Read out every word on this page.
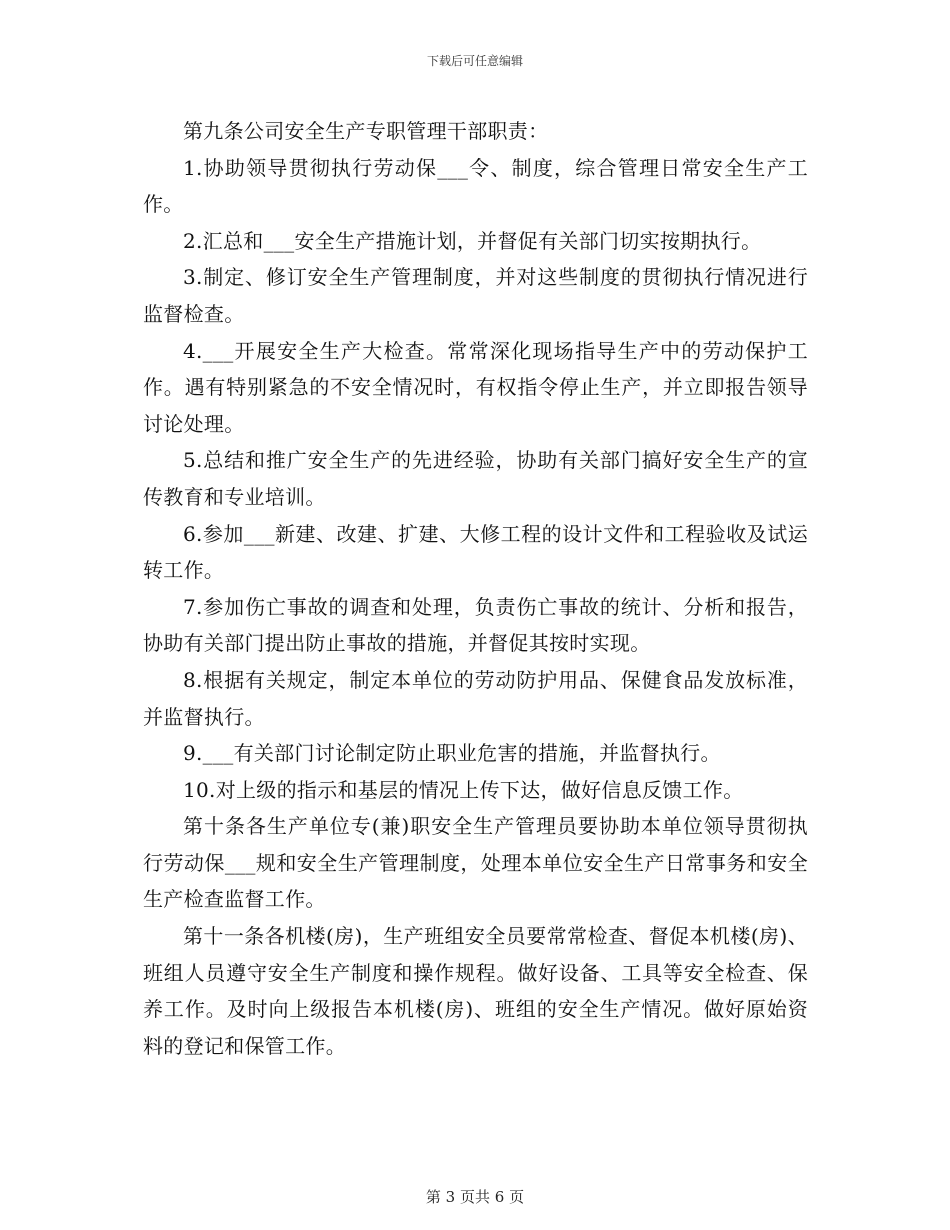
下载后可任意编辑

第九条公司安全生产专职管理干部职责：

1.协助领导贯彻执行劳动保___令、制度，综合管理日常安全生产工作。

2.汇总和___安全生产措施计划，并督促有关部门切实按期执行。

3.制定、修订安全生产管理制度，并对这些制度的贯彻执行情况进行监督检查。

4.___开展安全生产大检查。常常深化现场指导生产中的劳动保护工作。遇有特别紧急的不安全情况时，有权指令停止生产，并立即报告领导讨论处理。

5.总结和推广安全生产的先进经验，协助有关部门搞好安全生产的宣传教育和专业培训。

6.参加___新建、改建、扩建、大修工程的设计文件和工程验收及试运转工作。

7.参加伤亡事故的调查和处理，负责伤亡事故的统计、分析和报告，协助有关部门提出防止事故的措施，并督促其按时实现。

8.根据有关规定，制定本单位的劳动防护用品、保健食品发放标准，并监督执行。

9.___有关部门讨论制定防止职业危害的措施，并监督执行。

10.对上级的指示和基层的情况上传下达，做好信息反馈工作。

第十条各生产单位专(兼)职安全生产管理员要协助本单位领导贯彻执行劳动保___规和安全生产管理制度，处理本单位安全生产日常事务和安全生产检查监督工作。

第十一条各机楼(房)，生产班组安全员要常常检查、督促本机楼(房)、班组人员遵守安全生产制度和操作规程。做好设备、工具等安全检查、保养工作。及时向上级报告本机楼(房)、班组的安全生产情况。做好原始资料的登记和保管工作。

第 3 页共 6 页
